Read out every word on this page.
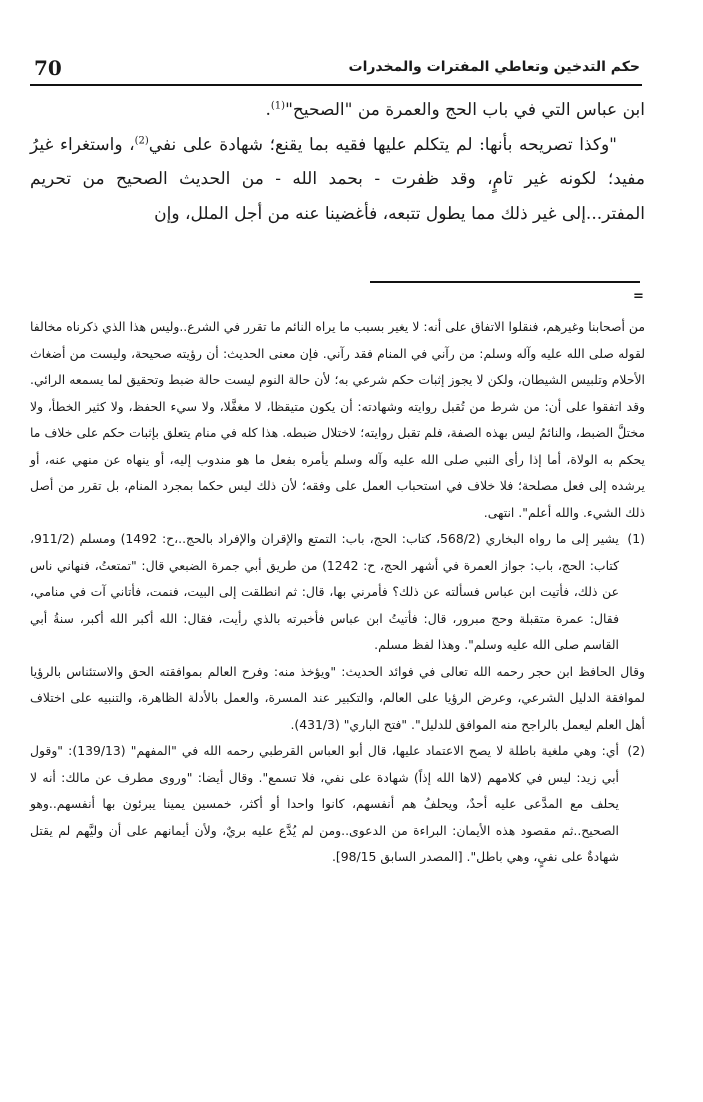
70	حكم التدخين وتعاطي المفترات والمخدرات

ابن عباس التي في باب الحج والعمرة من "الصحيح"$^{(1)}$.

"وكذا تصريحه بأنها: لم يتكلم عليها فقيه بما يقنع؛ شهادة على نفي$^{(2)}$، واستغراء غيرُ مفيد؛ لكونه غير تامٍ، وقد ظفرت - بحمد الله - من الحديث الصحيح من تحريم المفتر...إلى غير ذلك مما يطول تتبعه، فأغضينا عنه من أجل الملل، وإن

=

من أصحابنا وغيرهم، فنقلوا الاتفاق على أنه: لا يغير بسبب ما يراه النائم ما تقرر في الشرع..وليس هذا الذي ذكرناه مخالفا لقوله صلى الله عليه وآله وسلم: من رآني في المنام فقد رآني. فإن معنى الحديث: أن رؤيته صحيحة، وليست من أضغاث الأحلام وتلبيس الشيطان، ولكن لا يجوز إثبات حكم شرعي به؛ لأن حالة النوم ليست حالة ضبط وتحقيق لما يسمعه الرائي. وقد اتفقوا على أن: من شرط من تُقبل روايته وشهادته: أن يكون متيقظا، لا مغفَّلا، ولا سيء الحفظ، ولا كثير الخطأ، ولا مختلَّ الضبط، والنائمُ ليس بهذه الصفة، فلم تقبل روايته؛ لاختلال ضبطه. هذا كله في منام يتعلق بإثبات حكم على خلاف ما يحكم به الولاة، أما إذا رأى النبي صلى الله عليه وآله وسلم يأمره بفعل ما هو مندوب إليه، أو ينهاه عن منهي عنه، أو يرشده إلى فعل مصلحة؛ فلا خلاف في استحباب العمل على وفقه؛ لأن ذلك ليس حكما بمجرد المنام، بل تقرر من أصل ذلك الشيء. والله أعلم". انتهى.

(1)

يشير إلى ما رواه البخاري (568/2، كتاب: الحج، باب: التمتع والإقران والإفراد بالحج..،ح: 1492) ومسلم (911/2، كتاب: الحج، باب: جواز العمرة في أشهر الحج، ح: 1242) من طريق أبي جمرة الضبعي قال: "تمتعتُ، فنهاني ناس عن ذلك، فأتيت ابن عباس فسألته عن ذلك؟ فأمرني بها، قال: ثم انطلقت إلى البيت، فنمت، فأتاني آت في منامي، فقال: عمرة متقبلة وحج مبرور، قال: فأتيتُ ابن عباس فأخبرته بالذي رأيت، فقال: الله أكبر الله أكبر، سنةُ أبي القاسم صلى الله عليه وسلم". وهذا لفظ مسلم.

وقال الحافظ ابن حجر رحمه الله تعالى في فوائد الحديث: "ويؤخذ منه: وفرح العالم بموافقته الحق والاستئناس بالرؤيا لموافقة الدليل الشرعي، وعرض الرؤيا على العالم، والتكبير عند المسرة، والعمل بالأدلة الظاهرة، والتنبيه على اختلاف أهل العلم ليعمل بالراجح منه الموافق للدليل". "فتح الباري" (431/3).

(2)

أي: وهي ملغية باطلة لا يصح الاعتماد عليها، قال أبو العباس القرطبي رحمه الله في "المفهم" (139/13): "وقول أبي زيد: ليس في كلامهم (لاها الله إذاً) شهادة على نفي، فلا تسمع". وقال أيضا: "وروى مطرف عن مالك: أنه لا يحلف مع المدَّعى عليه أحدٌ، ويحلفُ هم أنفسهم، كانوا واحدا أو أكثر، خمسين يمينا يبرئون بها أنفسهم..وهو الصحيح..ثم مقصود هذه الأيمان: البراءة من الدعوى..ومن لم يُدَّع عليه بريٌ، ولأن أيمانهم على أن وليَّهم لم يقتل شهادةٌ على نفيٍ، وهي باطل". [المصدر السابق 98/15].
